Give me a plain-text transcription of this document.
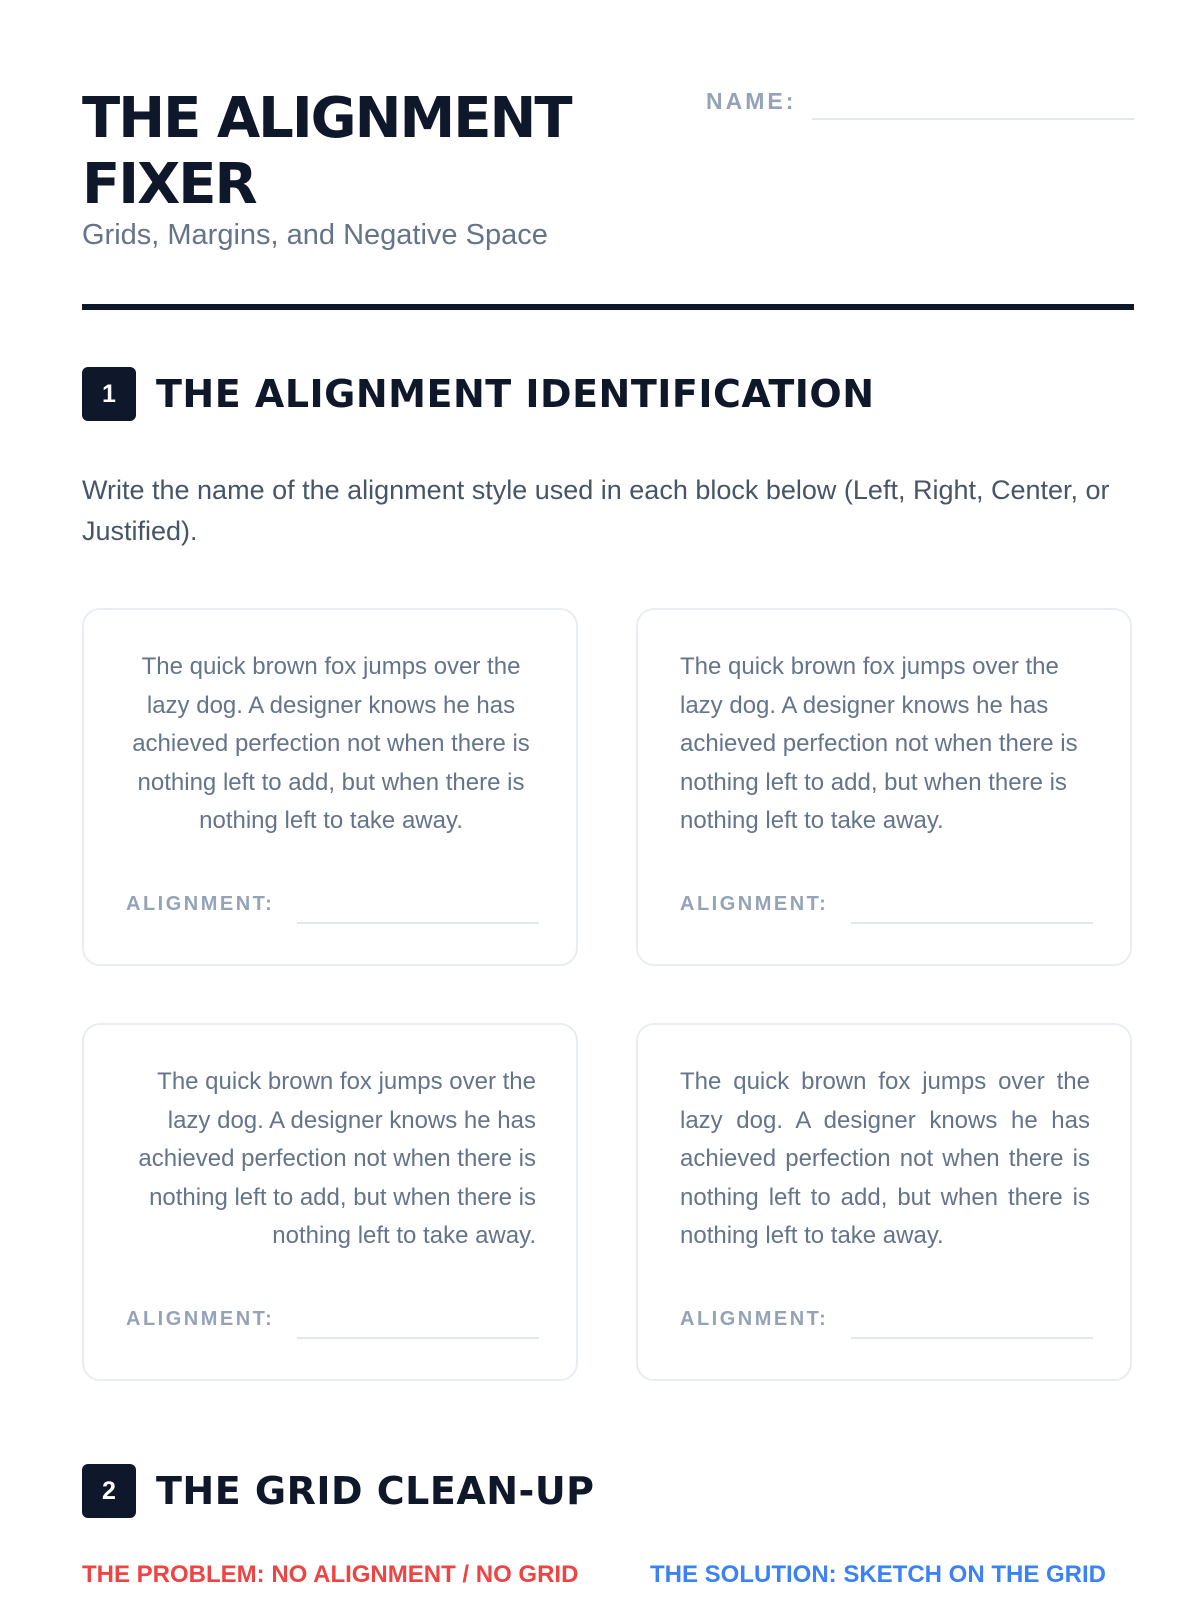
THE ALIGNMENT FIXER

Grids, Margins, and Negative Space

NAME:
1	THE ALIGNMENT IDENTIFICATION

Write the name of the alignment style used in each block below (Left, Right, Center, or Justified).

The quick brown fox jumps over the lazy dog. A designer knows he has achieved perfection not when there is nothing left to add, but when there is nothing left to take away.

ALIGNMENT:

The quick brown fox jumps over the lazy dog. A designer knows he has achieved perfection not when there is nothing left to add, but when there is nothing left to take away.

ALIGNMENT:

The quick brown fox jumps over the lazy dog. A designer knows he has achieved perfection not when there is nothing left to add, but when there is nothing left to take away.

ALIGNMENT:

The quick brown fox jumps over the lazy dog. A designer knows he has achieved perfection not when there is nothing left to add, but when there is nothing left to take away.

ALIGNMENT:
2	THE GRID CLEAN-UP
THE PROBLEM: NO ALIGNMENT / NO GRID	THE SOLUTION: SKETCH ON THE GRID
